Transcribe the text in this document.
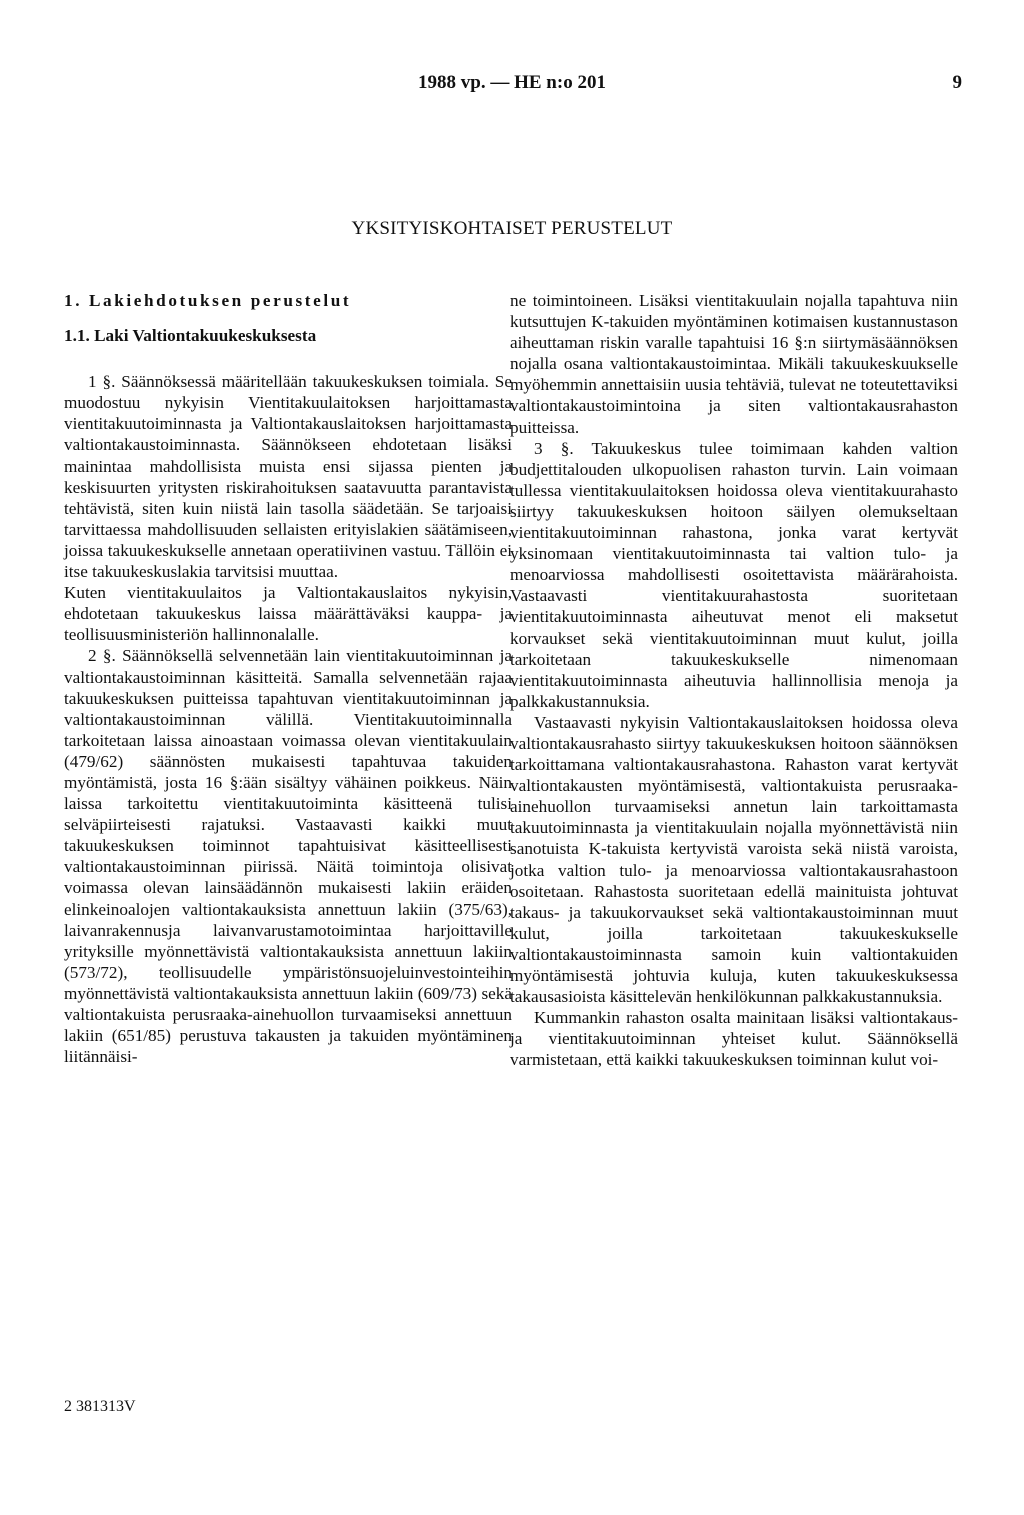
1988 vp. — HE n:o 201	9
YKSITYISKOHTAISET PERUSTELUT
1. Lakiehdotuksen perustelut
1.1. Laki Valtiontakuukeskuksesta

1 §. Säännöksessä määritellään takuukeskuksen toimiala. Se muodostuu nykyisin Vientitakuulaitoksen harjoittamasta vientitakuutoiminnasta ja Valtiontakauslaitoksen harjoittamasta valtiontakaustoiminnasta. Säännökseen ehdotetaan lisäksi mainintaa mahdollisista muista ensi sijassa pienten ja keskisuurten yritysten riskirahoituksen saatavuutta parantavista tehtävistä, siten kuin niistä lain tasolla säädetään. Se tarjoaisi tarvittaessa mahdollisuuden sellaisten erityislakien säätämiseen, joissa takuukeskukselle annetaan operatiivinen vastuu. Tällöin ei itse takuukeskuslakia tarvitsisi muuttaa.

Kuten vientitakuulaitos ja Valtiontakauslaitos nykyisin, ehdotetaan takuukeskus laissa määrättäväksi kauppa- ja teollisuusministeriön hallinnonalalle.

2 §. Säännöksellä selvennetään lain vientitakuutoiminnan ja valtiontakaustoiminnan käsitteitä. Samalla selvennetään rajaa takuukeskuksen puitteissa tapahtuvan vientitakuutoiminnan ja valtiontakaustoiminnan välillä. Vientitakuutoiminnalla tarkoitetaan laissa ainoastaan voimassa olevan vientitakuulain (479/62) säännösten mukaisesti tapahtuvaa takuiden myöntämistä, josta 16 §:ään sisältyy vähäinen poikkeus. Näin laissa tarkoitettu vientitakuutoiminta käsitteenä tulisi selväpiirteisesti rajatuksi. Vastaavasti kaikki muut takuukeskuksen toiminnot tapahtuisivat käsitteellisesti valtiontakaustoiminnan piirissä. Näitä toimintoja olisivat voimassa olevan lainsäädännön mukaisesti lakiin eräiden elinkeinoalojen valtiontakauksista annettuun lakiin (375/63), laivanrakennusja laivanvarustamotoimintaa harjoittaville yrityksille myönnettävistä valtiontakauksista annettuun lakiin (573/72), teollisuudelle ympäristönsuojeluinvestointeihin myönnettävistä valtiontakauksista annettuun lakiin (609/73) sekä valtiontakuista perusraaka-ainehuollon turvaamiseksi annettuun lakiin (651/85) perustuva takausten ja takuiden myöntäminen liitännäisi-

ne toimintoineen. Lisäksi vientitakuulain nojalla tapahtuva niin kutsuttujen K-takuiden myöntäminen kotimaisen kustannustason aiheuttaman riskin varalle tapahtuisi 16 §:n siirtymäsäännöksen nojalla osana valtiontakaustoimintaa. Mikäli takuukeskuukselle myöhemmin annettaisiin uusia tehtäviä, tulevat ne toteutettaviksi valtiontakaustoimintoina ja siten valtiontakausrahaston puitteissa.

3 §. Takuukeskus tulee toimimaan kahden valtion budjettitalouden ulkopuolisen rahaston turvin. Lain voimaan tullessa vientitakuulaitoksen hoidossa oleva vientitakuurahasto siirtyy takuukeskuksen hoitoon säilyen olemukseltaan vientitakuutoiminnan rahastona, jonka varat kertyvät yksinomaan vientitakuutoiminnasta tai valtion tulo- ja menoarviossa mahdollisesti osoitettavista määrärahoista. Vastaavasti vientitakuurahastosta suoritetaan vientitakuutoiminnasta aiheutuvat menot eli maksetut korvaukset sekä vientitakuutoiminnan muut kulut, joilla tarkoitetaan takuukeskukselle nimenomaan vientitakuutoiminnasta aiheutuvia hallinnollisia menoja ja palkkakustannuksia.

Vastaavasti nykyisin Valtiontakauslaitoksen hoidossa oleva valtiontakausrahasto siirtyy takuukeskuksen hoitoon säännöksen tarkoittamana valtiontakausrahastona. Rahaston varat kertyvät valtiontakausten myöntämisestä, valtiontakuista perusraaka-ainehuollon turvaamiseksi annetun lain tarkoittamasta takuutoiminnasta ja vientitakuulain nojalla myönnettävistä niin sanotuista K-takuista kertyvistä varoista sekä niistä varoista, jotka valtion tulo- ja menoarviossa valtiontakausrahastoon osoitetaan. Rahastosta suoritetaan edellä mainituista johtuvat takaus- ja takuukorvaukset sekä valtiontakaustoiminnan muut kulut, joilla tarkoitetaan takuukeskukselle valtiontakaustoiminnasta samoin kuin valtiontakuiden myöntämisestä johtuvia kuluja, kuten takuukeskuksessa takausasioista käsittelevän henkilökunnan palkkakustannuksia.

Kummankin rahaston osalta mainitaan lisäksi valtiontakaus- ja vientitakuutoiminnan yhteiset kulut. Säännöksellä varmistetaan, että kaikki takuukeskuksen toiminnan kulut voi-

2 381313V
